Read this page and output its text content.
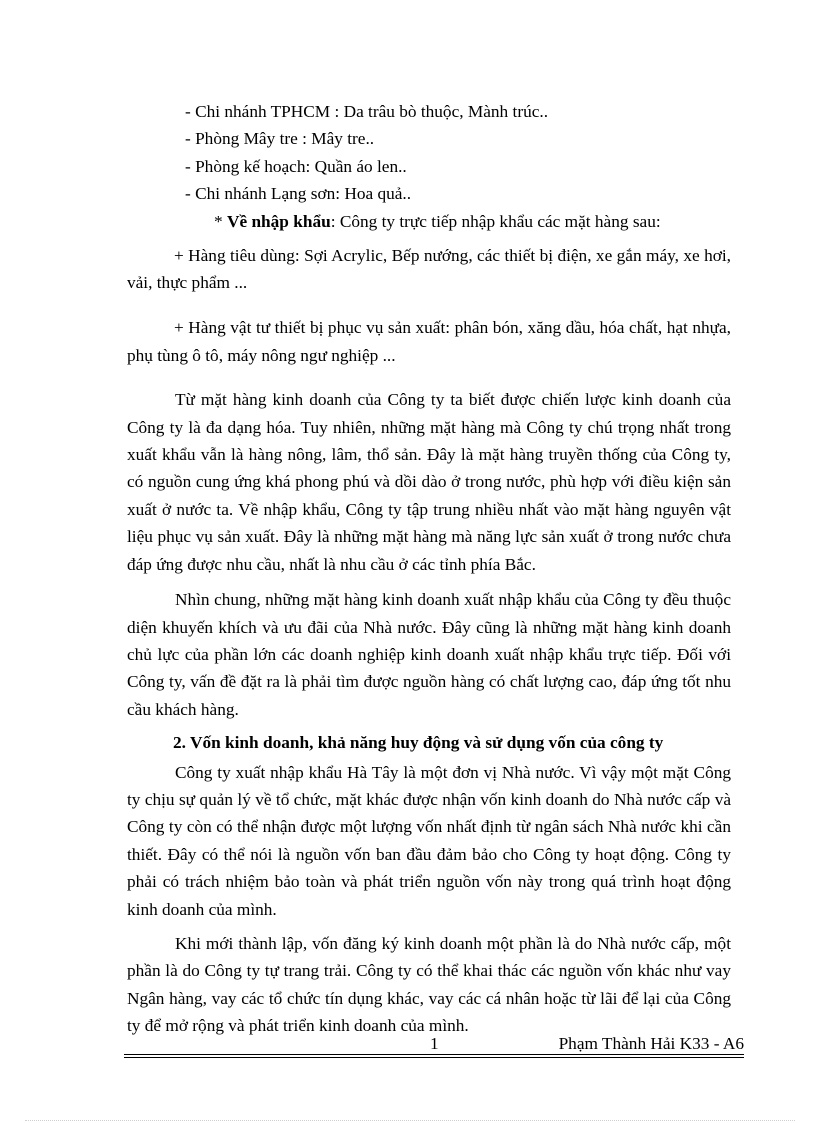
- Chi nhánh TPHCM : Da trâu bò thuộc, Mành trúc..

- Phòng Mây tre : Mây tre..

- Phòng kế hoạch: Quần áo len..

- Chi nhánh Lạng sơn: Hoa quả..

* Về nhập khẩu: Công ty trực tiếp nhập khẩu các mặt hàng sau:

+ Hàng tiêu dùng: Sợi Acrylic, Bếp nướng, các thiết bị điện, xe gắn máy, xe hơi, vải, thực phẩm ...

+ Hàng vật tư thiết bị phục vụ sản xuất: phân bón, xăng dầu, hóa chất, hạt nhựa, phụ tùng ô tô, máy nông ngư nghiệp ...

Từ mặt hàng kinh doanh của Công ty ta biết được chiến lược kinh doanh của Công ty là đa dạng hóa. Tuy nhiên, những mặt hàng mà Công ty chú trọng nhất trong xuất khẩu vẫn là hàng nông, lâm, thổ sản. Đây là mặt hàng truyền thống của Công ty, có nguồn cung ứng khá phong phú và dồi dào ở trong nước, phù hợp với điều kiện sản xuất ở nước ta. Về nhập khẩu, Công ty tập trung nhiều nhất vào mặt hàng nguyên vật liệu phục vụ sản xuất. Đây là những mặt hàng mà năng lực sản xuất ở trong nước chưa đáp ứng được nhu cầu, nhất là nhu cầu ở các tỉnh phía Bắc.

Nhìn chung, những mặt hàng kinh doanh xuất nhập khẩu của Công ty đều thuộc diện khuyến khích và ưu đãi của Nhà nước. Đây cũng là những mặt hàng kinh doanh chủ lực của phần lớn các doanh nghiệp kinh doanh xuất nhập khẩu trực tiếp. Đối với Công ty, vấn đề đặt ra là phải tìm được nguồn hàng có chất lượng cao, đáp ứng tốt nhu cầu khách hàng.

2. Vốn kinh doanh, khả năng huy động và sử dụng vốn của công ty

Công ty xuất nhập khẩu Hà Tây là một đơn vị Nhà nước. Vì vậy một mặt Công ty chịu sự quản lý về tổ chức, mặt khác được nhận vốn kinh doanh do Nhà nước cấp và Công ty còn có thể nhận được một lượng vốn nhất định từ ngân sách Nhà nước khi cần thiết. Đây có thể nói là nguồn vốn ban đầu đảm bảo cho Công ty hoạt động. Công ty phải có trách nhiệm bảo toàn và phát triển nguồn vốn này trong quá trình hoạt động kinh doanh của mình.

Khi mới thành lập, vốn đăng ký kinh doanh một phần là do Nhà nước cấp, một phần là do Công ty tự trang trải. Công ty có thể khai thác các nguồn vốn khác như vay Ngân hàng, vay các tổ chức tín dụng khác, vay các cá nhân hoặc từ lãi để lại của Công ty để mở rộng và phát triển kinh doanh của mình.

1	Phạm Thành Hải K33 - A6
